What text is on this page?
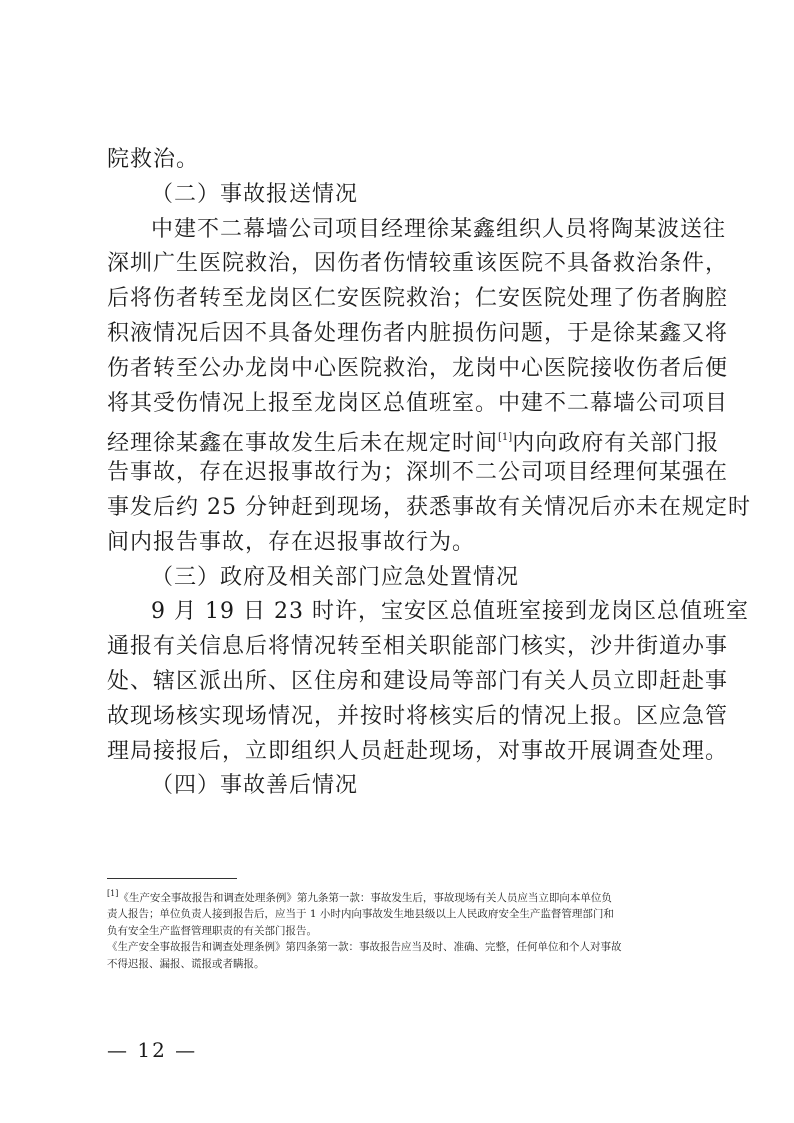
院救治。
（二）事故报送情况
中建不二幕墙公司项目经理徐某鑫组织人员将陶某波送往
深圳广生医院救治，因伤者伤情较重该医院不具备救治条件，
后将伤者转至龙岗区仁安医院救治；仁安医院处理了伤者胸腔
积液情况后因不具备处理伤者内脏损伤问题，于是徐某鑫又将
伤者转至公办龙岗中心医院救治，龙岗中心医院接收伤者后便
将其受伤情况上报至龙岗区总值班室。中建不二幕墙公司项目
经理徐某鑫在事故发生后未在规定时间[1]内向政府有关部门报
告事故，存在迟报事故行为；深圳不二公司项目经理何某强在
事发后约 25 分钟赶到现场，获悉事故有关情况后亦未在规定时
间内报告事故，存在迟报事故行为。
（三）政府及相关部门应急处置情况
9 月 19 日 23 时许，宝安区总值班室接到龙岗区总值班室
通报有关信息后将情况转至相关职能部门核实，沙井街道办事
处、辖区派出所、区住房和建设局等部门有关人员立即赶赴事
故现场核实现场情况，并按时将核实后的情况上报。区应急管
理局接报后，立即组织人员赶赴现场，对事故开展调查处理。
（四）事故善后情况
[1]《生产安全事故报告和调查处理条例》第九条第一款：事故发生后，事故现场有关人员应当立即向本单位负
责人报告；单位负责人接到报告后，应当于 1 小时内向事故发生地县级以上人民政府安全生产监督管理部门和
负有安全生产监督管理职责的有关部门报告。
《生产安全事故报告和调查处理条例》第四条第一款：事故报告应当及时、准确、完整，任何单位和个人对事故
不得迟报、漏报、谎报或者瞒报。
— 12 —
